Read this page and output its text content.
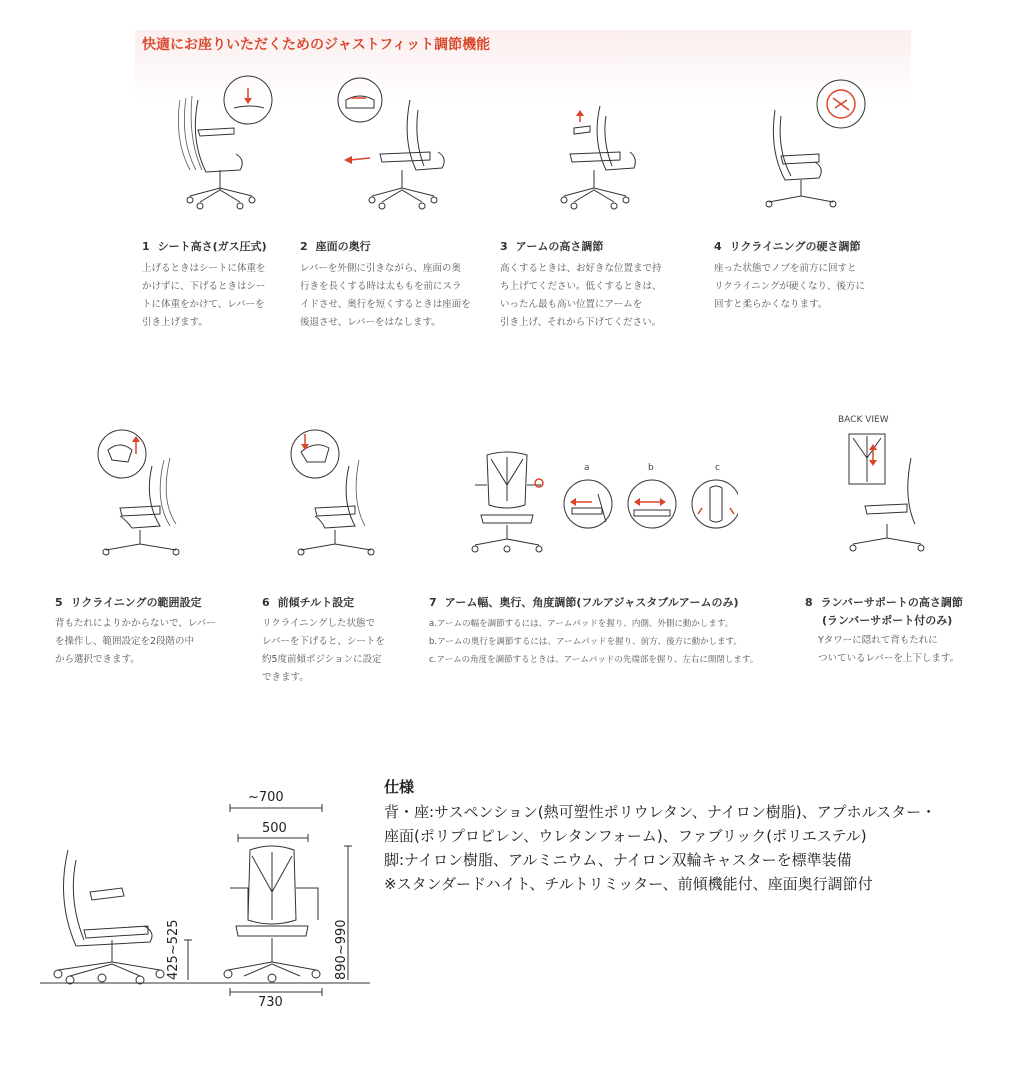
快適にお座りいただくためのジャストフィット調節機能
1 シート高さ(ガス圧式)

上げるときはシートに体重を

かけずに、下げるときはシー

トに体重をかけて、レバーを

引き上げます。

2 座面の奥行

レバーを外側に引きながら、座面の奥

行きを長くする時は太ももを前にスラ

イドさせ、奥行を短くするときは座面を

後退させ、レバーをはなします。

3 アームの高さ調節

高くするときは、お好きな位置まで持

ち上げてください。低くするときは、

いったん最も高い位置にアームを

引き上げ、それから下げてください。

4 リクライニングの硬さ調節

座った状態でノブを前方に回すと

リクライニングが硬くなり、後方に

回すと柔らかくなります。

a	b	c
BACK VIEW
5 リクライニングの範囲設定

背もたれによりかからないで、レバー

を操作し、範囲設定を2段階の中

から選択できます。

6 前傾チルト設定

リクライニングした状態で

レバーを下げると、シートを

約5度前傾ポジションに設定

できます。

7 アーム幅、奥行、角度調節(フルアジャスタブルアームのみ)

a.アームの幅を調節するには、アームパッドを握り、内側、外側に動かします。

b.アームの奥行を調節するには、アームパッドを握り、前方、後方に動かします。

c.アームの角度を調節するときは、アームパッドの先端部を握り、左右に開閉します。

8 ランバーサポートの高さ調節
(ランバーサポート付のみ)

Yタワーに隠れて背もたれに

ついているレバーを上下します。

~700
500
730
425~525	890~990
仕様

背・座:サスペンション(熱可塑性ポリウレタン、ナイロン樹脂)、アプホルスター・

座面(ポリプロピレン、ウレタンフォーム)、ファブリック(ポリエステル)

脚:ナイロン樹脂、アルミニウム、ナイロン双輪キャスターを標準装備

※スタンダードハイト、チルトリミッター、前傾機能付、座面奥行調節付
